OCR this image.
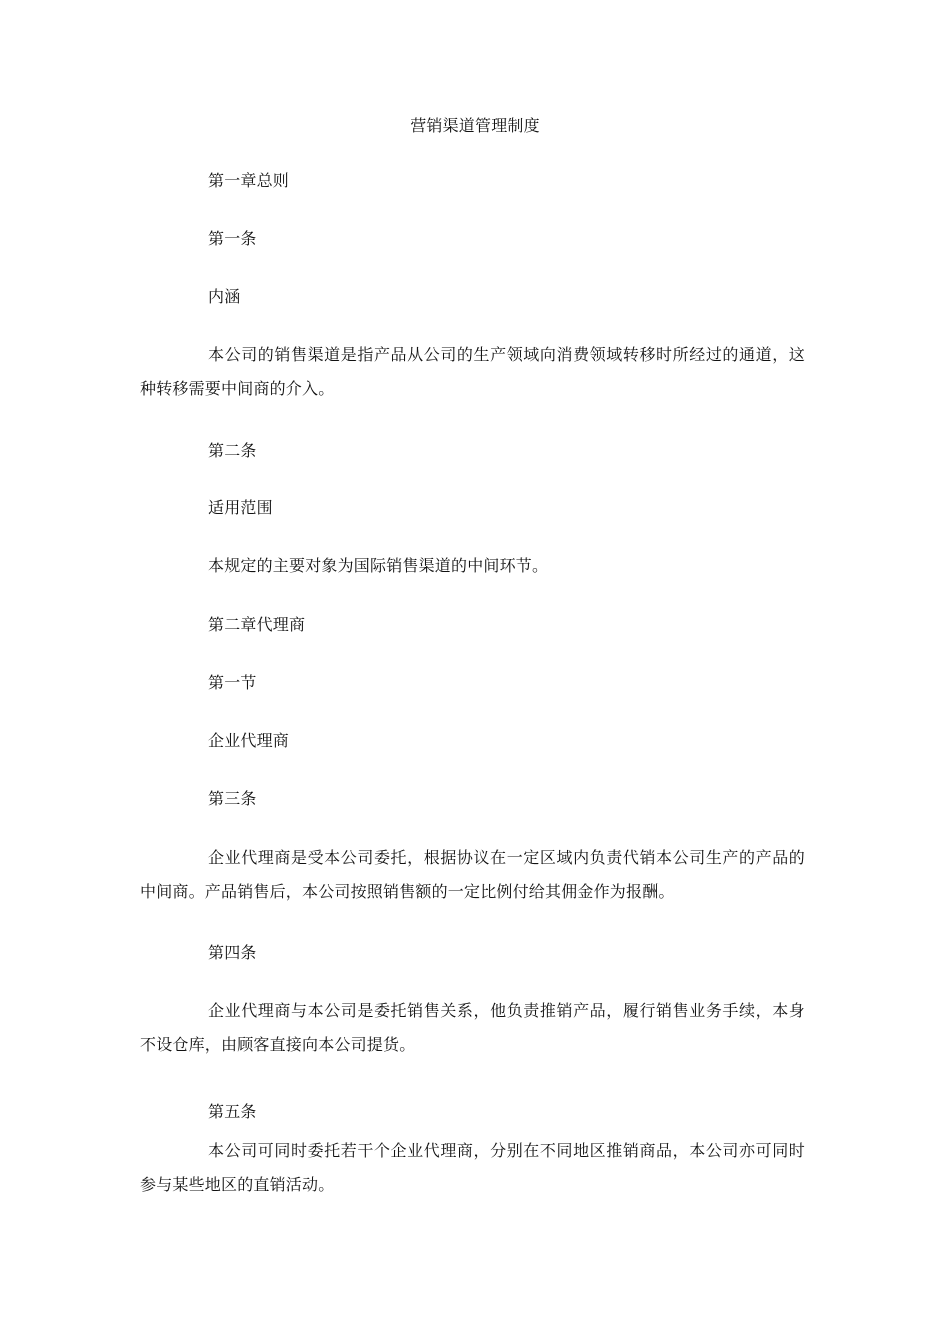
营销渠道管理制度
第一章总则
第一条
内涵
本公司的销售渠道是指产品从公司的生产领域向消费领域转移时所经过的通道，这种转移需要中间商的介入。
第二条
适用范围
本规定的主要对象为国际销售渠道的中间环节。
第二章代理商
第一节
企业代理商
第三条
企业代理商是受本公司委托，根据协议在一定区域内负责代销本公司生产的产品的中间商。产品销售后，本公司按照销售额的一定比例付给其佣金作为报酬。
第四条
企业代理商与本公司是委托销售关系，他负责推销产品，履行销售业务手续，本身不设仓库，由顾客直接向本公司提货。
第五条
本公司可同时委托若干个企业代理商，分别在不同地区推销商品，本公司亦可同时参与某些地区的直销活动。
